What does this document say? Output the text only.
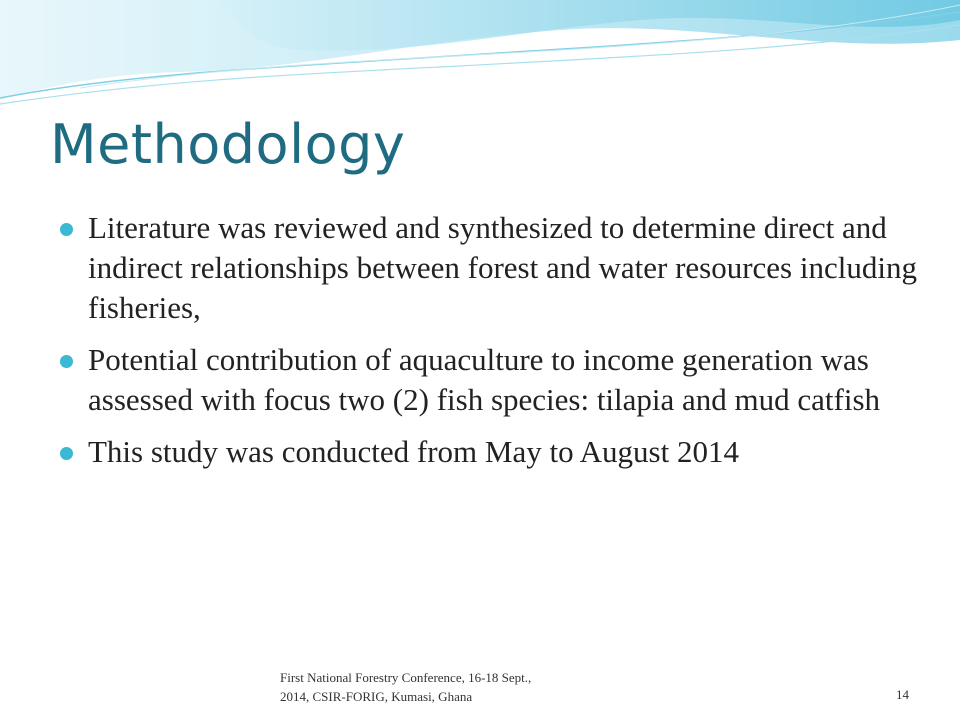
Methodology
Literature was reviewed and synthesized to determine direct and indirect relationships between forest and water resources including fisheries,
Potential contribution of aquaculture to income generation was assessed with focus two (2) fish species: tilapia and mud catfish
This study was conducted from May to August 2014
First National Forestry Conference, 16-18 Sept.,
2014, CSIR-FORIG, Kumasi, Ghana	14
